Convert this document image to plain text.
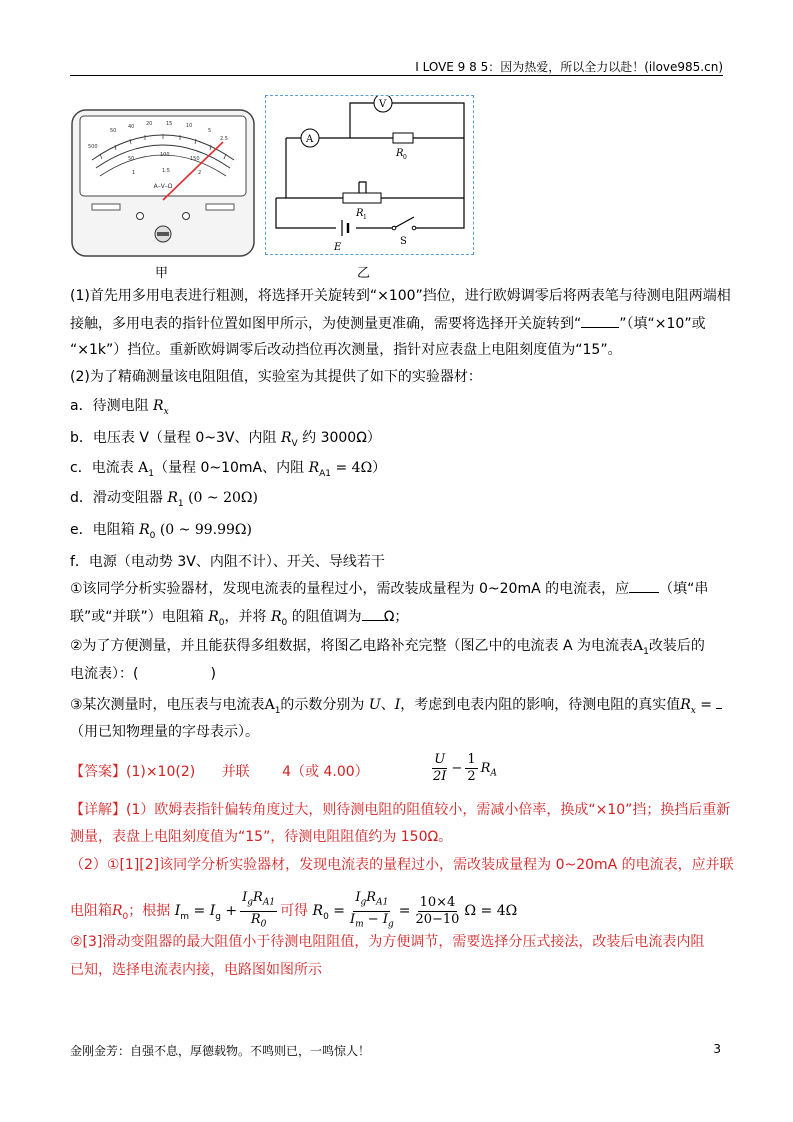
I LOVE 9 8 5：因为热爱，所以全力以赴！(ilove985.cn)
500
50
40 20	15	10
5
2.5
50
100
150
1	1.5	2
A–V–Ω
甲
A
V
R 0
R 1
E
S
乙
(1)首先用多用电表进行粗测，将选择开关旋转到“×100”挡位，进行欧姆调零后将两表笔与待测电阻两端相
接触，多用电表的指针位置如图甲所示，为使测量更准确，需要将选择开关旋转到“	”（填“×10”或
“×1k”）挡位。重新欧姆调零后改动挡位再次测量，指针对应表盘上电阻刻度值为“15”。
(2)为了精确测量该电阻阻值，实验室为其提供了如下的实验器材：
a．待测电阻 $R_x$
b．电压表 V（量程 0~3V、内阻 $R_V$ 约 3000Ω）
c．电流表 $A_1$（量程 0~10mA、内阻 $R_{A1} = 4\Omega$）
d．滑动变阻器 $R_1$ (0 ~ 20Ω)
e．电阻箱 $R_0$ (0 ~ 99.99Ω)
f．电源（电动势 3V、内阻不计）、开关、导线若干
①该同学分析实验器材，发现电流表的量程过小，需改装成量程为 0~20mA 的电流表，应 （填“串
联”或“并联”）电阻箱 $R_0$，并将 $R_0$ 的阻值调为 Ω；
②为了方便测量，并且能获得多组数据，将图乙电路补充完整（图乙中的电流表 A 为电流表$A_1$改装后的
电流表）：(	)
③某次测量时，电压表与电流表$A_1$的示数分别为 U、I，考虑到电表内阻的影响，待测电阻的真实值$R_x$ =
（用已知物理量的字母表示）。
【答案】(1)×10(2) 并联 4（或 4.00）	$\frac{U}{2I} - \frac{1}{2} R_A$
【详解】(1）欧姆表指针偏转角度过大，则待测电阻的阻值较小，需减小倍率，换成“×10”挡；换挡后重新
测量，表盘上电阻刻度值为“15”，待测电阻阻值约为 150Ω。
（2）①[1][2]该同学分析实验器材，发现电流表的量程过小，需改装成量程为 0~20mA 的电流表，应并联
电阻箱$R_0$；根据 $I_m = I_g + \frac{I_gR_{A1}}{R_0}$ 可得 $R_0 = \frac{I_gR_{A1}}{I_m - I_g} = \frac{10\times 4}{20-10}$ Ω = 4Ω
②[3]滑动变阻器的最大阻值小于待测电阻阻值，为方便调节，需要选择分压式接法，改装后电流表内阻
已知，选择电流表内接，电路图如图所示
金刚金芳：自强不息，厚德载物。不鸣则已，一鸣惊人！	3
